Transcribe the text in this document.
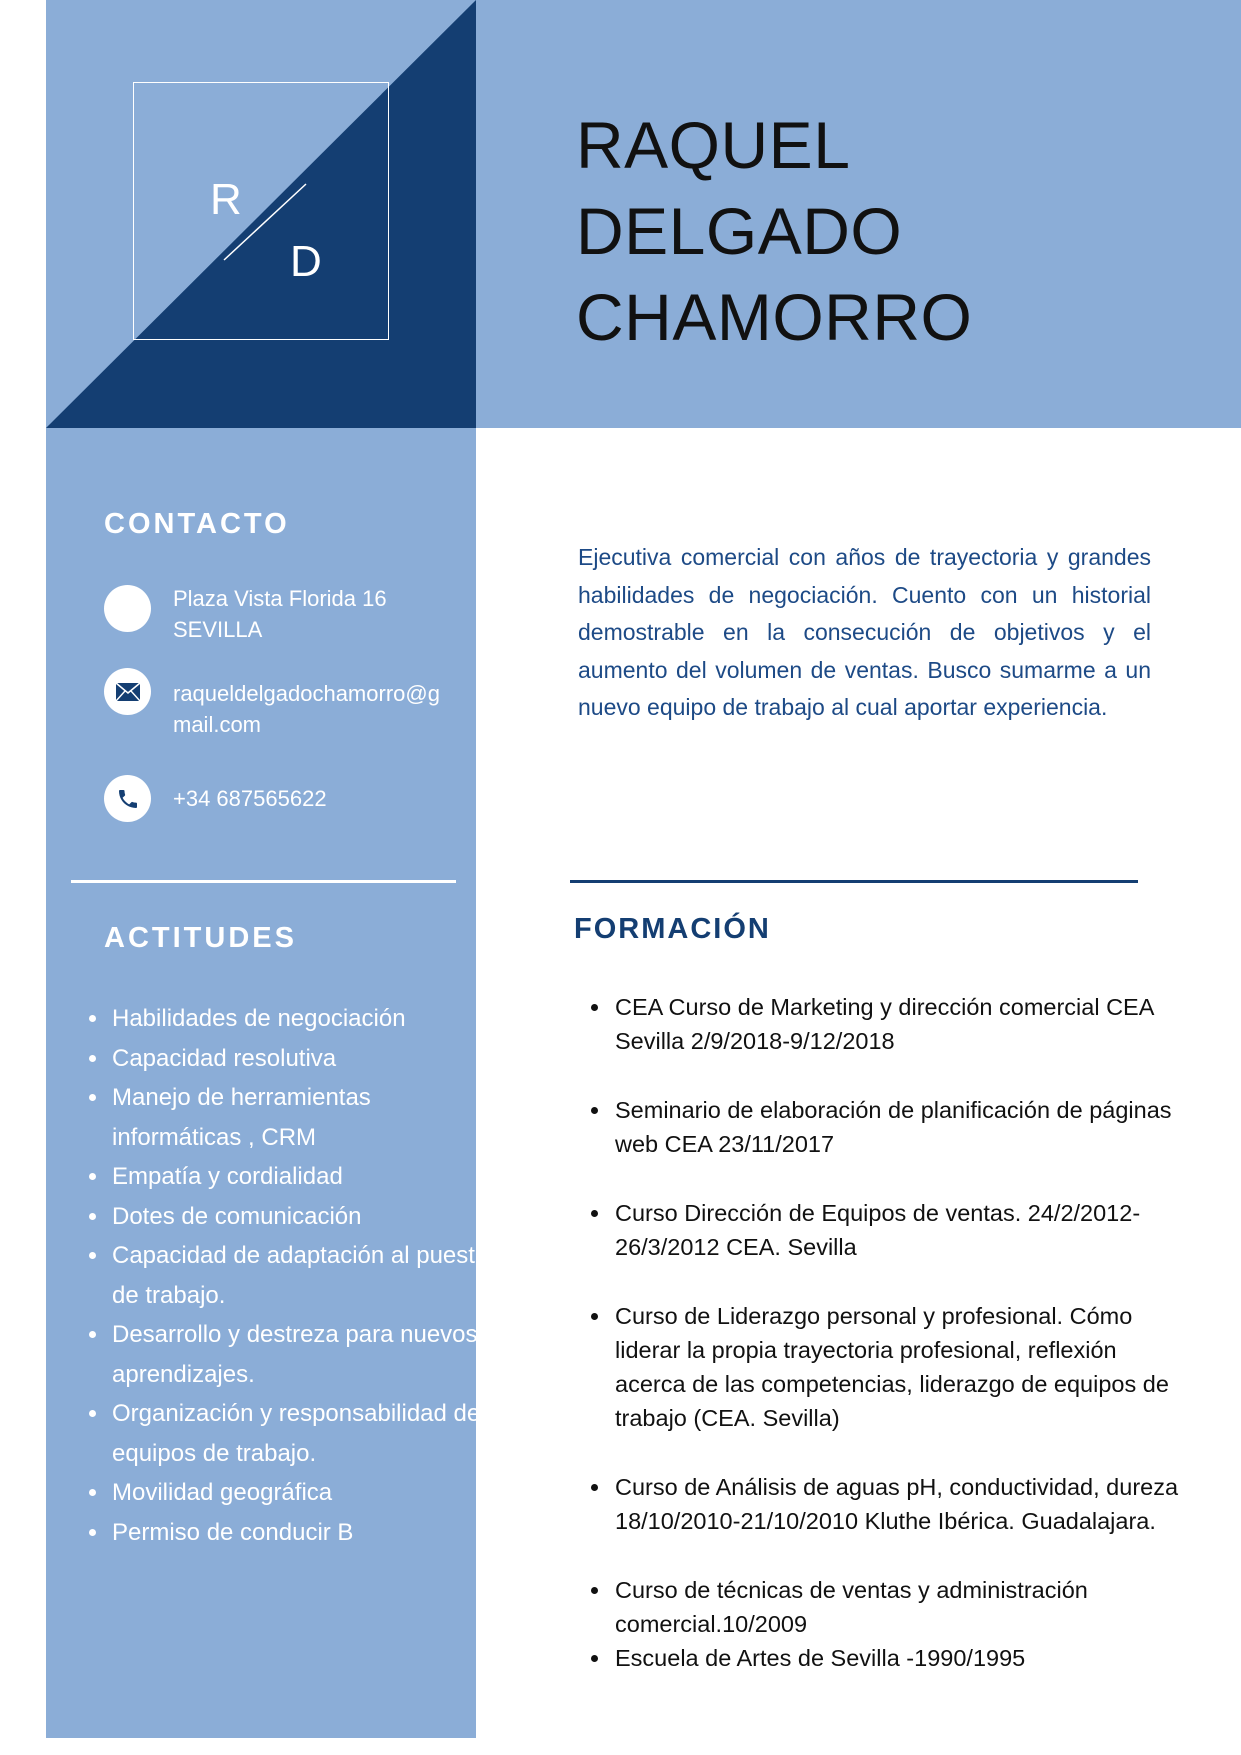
R
D
RAQUEL
DELGADO
CHAMORRO
CONTACTO
Plaza Vista Florida 16
SEVILLA
raqueldelgadochamorro@gmail.com
+34 687565622
ACTITUDES
• Habilidades de negociación
• Capacidad resolutiva
• Manejo de herramientas informáticas , CRM
• Empatía y cordialidad
• Dotes de comunicación
• Capacidad de adaptación al puesto de trabajo.
• Desarrollo y destreza para nuevos aprendizajes.
• Organización y responsabilidad de equipos de trabajo.
• Movilidad geográfica
• Permiso de conducir B

Ejecutiva comercial con años de trayectoria y grandes habilidades de negociación. Cuento con un historial demostrable en la consecución de objetivos y el aumento del volumen de ventas. Busco sumarme a un nuevo equipo de trabajo al cual aportar experiencia.

FORMACIÓN
• CEA Curso de Marketing y dirección comercial CEA Sevilla 2/9/2018-9/12/2018
• Seminario de elaboración de planificación de páginas web CEA 23/11/2017
• Curso Dirección de Equipos de ventas. 24/2/2012- 26/3/2012 CEA. Sevilla
• Curso de Liderazgo personal y profesional. Cómo liderar la propia trayectoria profesional, reflexión acerca de las competencias, liderazgo de equipos de trabajo (CEA. Sevilla)
• Curso de Análisis de aguas pH, conductividad, dureza 18/10/2010-21/10/2010 Kluthe Ibérica. Guadalajara.
• Curso de técnicas de ventas y administración comercial.10/2009
• Escuela de Artes de Sevilla -1990/1995
